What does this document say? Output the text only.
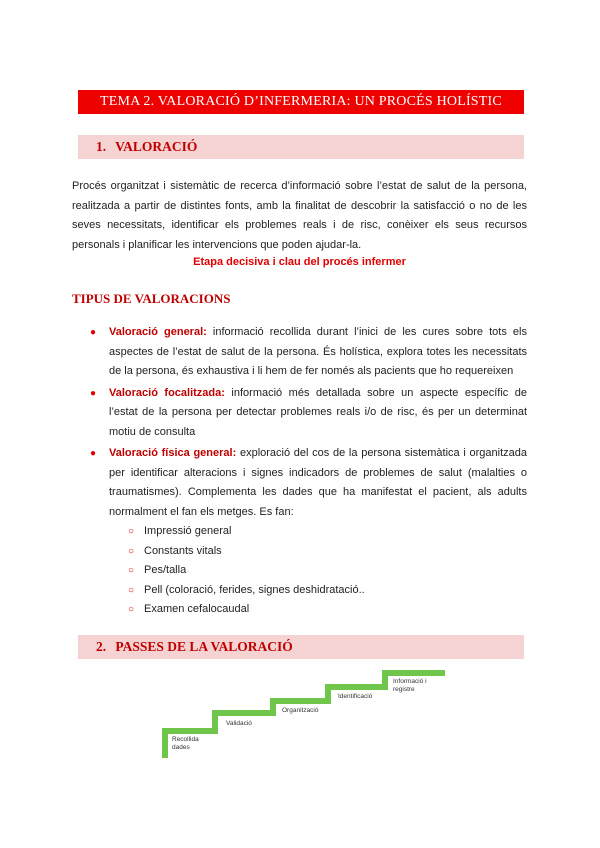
TEMA 2. VALORACIÓ D’INFERMERIA: UN PROCÉS HOLÍSTIC
1. VALORACIÓ
Procés organitzat i sistemàtic de recerca d’informació sobre l’estat de salut de la persona, realitzada a partir de distintes fonts, amb la finalitat de descobrir la satisfacció o no de les seves necessitats, identificar els problemes reals i de risc, conèixer els seus recursos personals i planificar les intervencions que poden ajudar-la.
Etapa decisiva i clau del procés infermer
TIPUS DE VALORACIONS
● Valoració general: informació recollida durant l’inici de les cures sobre tots els aspectes de l’estat de salut de la persona. És holística, explora totes les necessitats de la persona, és exhaustiva i li hem de fer només als pacients que ho requereixen
● Valoració focalitzada: informació més detallada sobre un aspecte específic de l’estat de la persona per detectar problemes reals i/o de risc, és per un determinat motiu de consulta
● Valoració física general: exploració del cos de la persona sistemàtica i organitzada per identificar alteracions i signes indicadors de problemes de salut (malalties o traumatismes). Complementa les dades que ha manifestat el pacient, als adults normalment el fan els metges. Es fan:
○ Impressió general
○ Constants vitals
○ Pes/talla
○ Pell (coloració, ferides, signes deshidratació..
○ Examen cefalocaudal
2. PASSES DE LA VALORACIÓ
Recollida
dades
Validació
Organització
Identificació
Informació i
registre
